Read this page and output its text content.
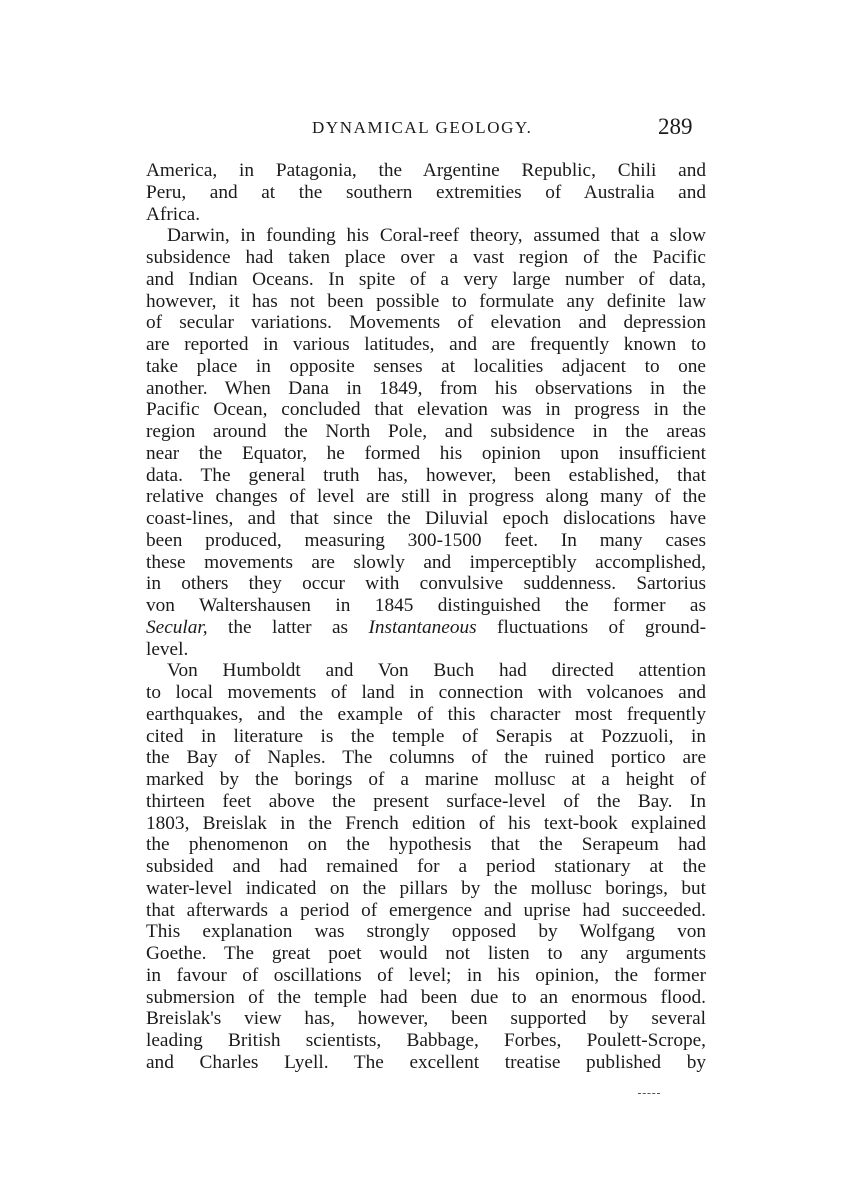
DYNAMICAL GEOLOGY.	289
America, in Patagonia, the Argentine Republic, Chili and
Peru, and at the southern extremities of Australia and
Africa.
Darwin, in founding his Coral-reef theory, assumed that a slow
subsidence had taken place over a vast region of the Pacific
and Indian Oceans. In spite of a very large number of data,
however, it has not been possible to formulate any definite law
of secular variations. Movements of elevation and depression
are reported in various latitudes, and are frequently known to
take place in opposite senses at localities adjacent to one
another. When Dana in 1849, from his observations in the
Pacific Ocean, concluded that elevation was in progress in the
region around the North Pole, and subsidence in the areas
near the Equator, he formed his opinion upon insufficient
data. The general truth has, however, been established, that
relative changes of level are still in progress along many of the
coast-lines, and that since the Diluvial epoch dislocations have
been produced, measuring 300-1500 feet. In many cases
these movements are slowly and imperceptibly accomplished,
in others they occur with convulsive suddenness. Sartorius
von Waltershausen in 1845 distinguished the former as
Secular, the latter as Instantaneous fluctuations of ground-
level.
Von Humboldt and Von Buch had directed attention
to local movements of land in connection with volcanoes and
earthquakes, and the example of this character most frequently
cited in literature is the temple of Serapis at Pozzuoli, in
the Bay of Naples. The columns of the ruined portico are
marked by the borings of a marine mollusc at a height of
thirteen feet above the present surface-level of the Bay. In
1803, Breislak in the French edition of his text-book explained
the phenomenon on the hypothesis that the Serapeum had
subsided and had remained for a period stationary at the
water-level indicated on the pillars by the mollusc borings, but
that afterwards a period of emergence and uprise had succeeded.
This explanation was strongly opposed by Wolfgang von
Goethe. The great poet would not listen to any arguments
in favour of oscillations of level; in his opinion, the former
submersion of the temple had been due to an enormous flood.
Breislak's view has, however, been supported by several
leading British scientists, Babbage, Forbes, Poulett-Scrope,
and Charles Lyell. The excellent treatise published by
